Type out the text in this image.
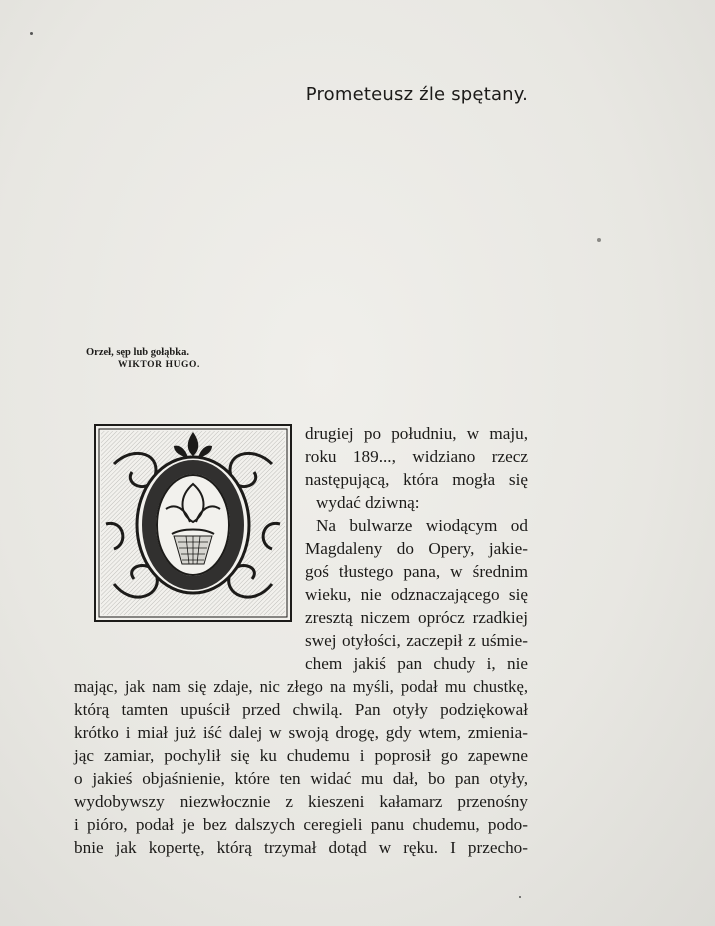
Prometeusz źle spętany.
Orzeł, sęp lub gołąbka.
WIKTOR HUGO.
drugiej po południu, w maju,
roku 189..., widziano rzecz
następującą, która mogła się
wydać dziwną:
Na bulwarze wiodącym od
Magdaleny do Opery, jakie-
goś tłustego pana, w średnim
wieku, nie odznaczającego się
zresztą niczem oprócz rzadkiej
swej otyłości, zaczepił z uśmie-
chem jakiś pan chudy i, nie
mając, jak nam się zdaje, nic złego na myśli, podał mu chustkę,
którą tamten upuścił przed chwilą. Pan otyły podziękował
krótko i miał już iść dalej w swoją drogę, gdy wtem, zmienia-
jąc zamiar, pochylił się ku chudemu i poprosił go zapewne
o jakieś objaśnienie, które ten widać mu dał, bo pan otyły,
wydobywszy niezwłocznie z kieszeni kałamarz przenośny
i pióro, podał je bez dalszych ceregieli panu chudemu, podo-
bnie jak kopertę, którą trzymał dotąd w ręku. I przecho-
